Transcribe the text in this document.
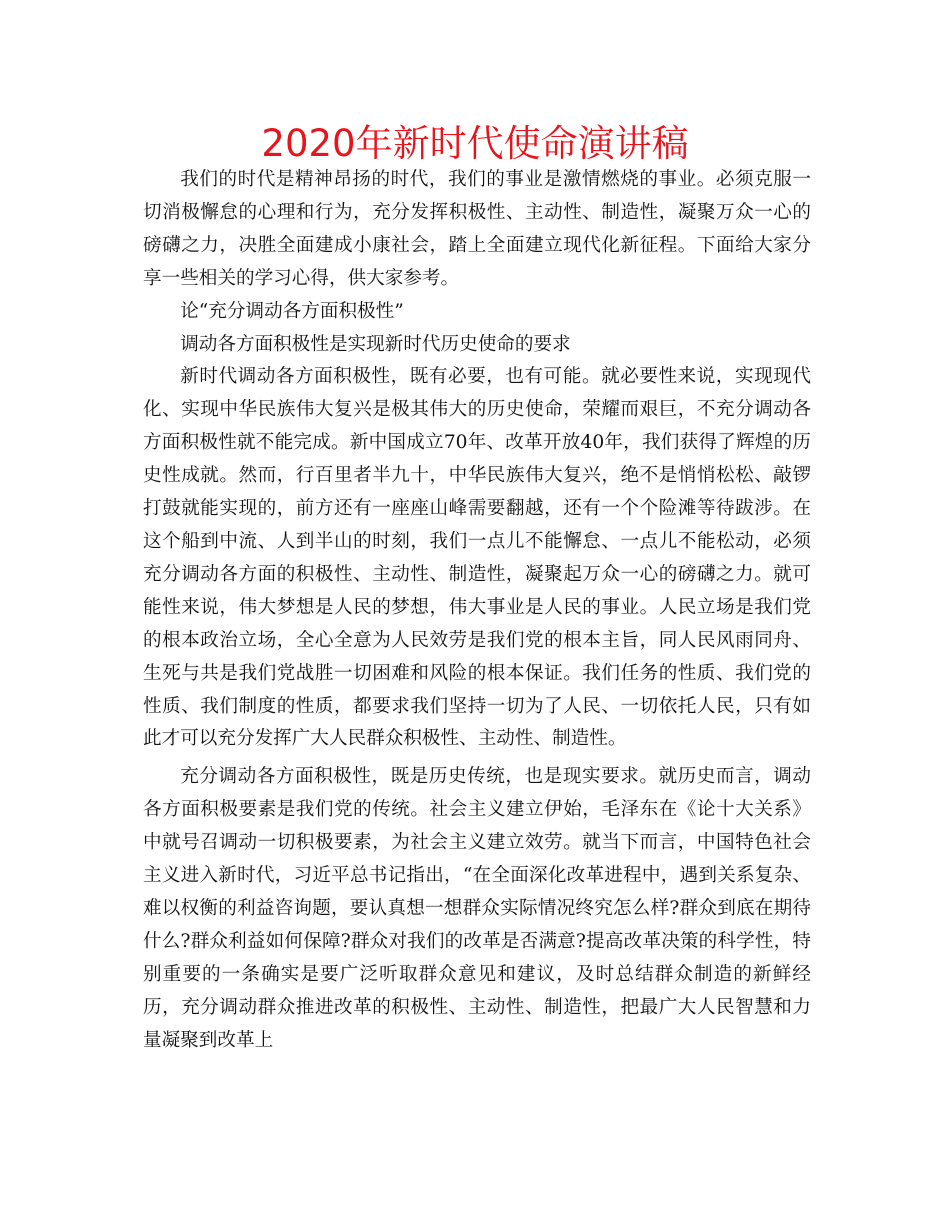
2020年新时代使命演讲稿

我们的时代是精神昂扬的时代，我们的事业是激情燃烧的事业。必须克服一切消极懈怠的心理和行为，充分发挥积极性、主动性、制造性，凝聚万众一心的磅礴之力，决胜全面建成小康社会，踏上全面建立现代化新征程。下面给大家分享一些相关的学习心得，供大家参考。

论“充分调动各方面积极性”

调动各方面积极性是实现新时代历史使命的要求

新时代调动各方面积极性，既有必要，也有可能。就必要性来说，实现现代化、实现中华民族伟大复兴是极其伟大的历史使命，荣耀而艰巨，不充分调动各方面积极性就不能完成。新中国成立70年、改革开放40年，我们获得了辉煌的历史性成就。然而，行百里者半九十，中华民族伟大复兴，绝不是悄悄松松、敲锣打鼓就能实现的，前方还有一座座山峰需要翻越，还有一个个险滩等待跋涉。在这个船到中流、人到半山的时刻，我们一点儿不能懈怠、一点儿不能松动，必须充分调动各方面的积极性、主动性、制造性，凝聚起万众一心的磅礴之力。就可能性来说，伟大梦想是人民的梦想，伟大事业是人民的事业。人民立场是我们党的根本政治立场，全心全意为人民效劳是我们党的根本主旨，同人民风雨同舟、生死与共是我们党战胜一切困难和风险的根本保证。我们任务的性质、我们党的性质、我们制度的性质，都要求我们坚持一切为了人民、一切依托人民，只有如此才可以充分发挥广大人民群众积极性、主动性、制造性。

充分调动各方面积极性，既是历史传统，也是现实要求。就历史而言，调动各方面积极要素是我们党的传统。社会主义建立伊始，毛泽东在《论十大关系》中就号召调动一切积极要素，为社会主义建立效劳。就当下而言，中国特色社会主义进入新时代，习近平总书记指出，“在全面深化改革进程中，遇到关系复杂、难以权衡的利益咨询题，要认真想一想群众实际情况终究怎么样?群众到底在期待什么?群众利益如何保障?群众对我们的改革是否满意?提高改革决策的科学性，特别重要的一条确实是要广泛听取群众意见和建议，及时总结群众制造的新鲜经历，充分调动群众推进改革的积极性、主动性、制造性，把最广大人民智慧和力量凝聚到改革上
